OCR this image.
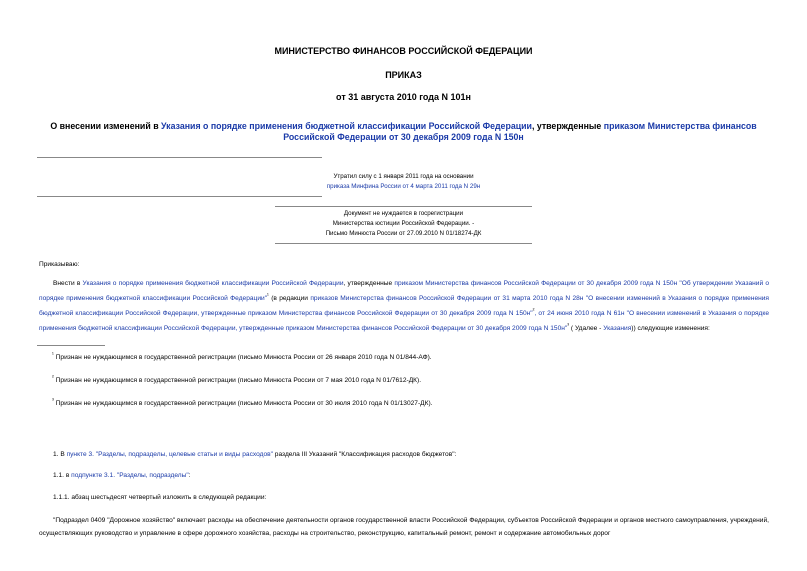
МИНИСТЕРСТВО ФИНАНСОВ РОССИЙСКОЙ ФЕДЕРАЦИИ
ПРИКАЗ
от 31 августа 2010 года N 101н
О внесении изменений в Указания о порядке применения бюджетной классификации Российской Федерации, утвержденные приказом Министерства финансов Российской Федерации от 30 декабря 2009 года N 150н
Утратил силу с 1 января 2011 года на основании
приказа Минфина России от 4 марта 2011 года N 29н
Документ не нуждается в госрегистрации
Министерства юстиции Российской Федерации. -
Письмо Минюста России от 27.09.2010 N 01/18274-ДК
Приказываю:
Внести в Указания о порядке применения бюджетной классификации Российской Федерации, утвержденные приказом Министерства финансов Российской Федерации от 30 декабря 2009 года N 150н "Об утверждении Указаний о порядке применения бюджетной классификации Российской Федерации"$^{^1}$ (в редакции приказов Министерства финансов Российской Федерации от 31 марта 2010 года N 28н "О внесении изменений в Указания о порядке применения бюджетной классификации Российской Федерации, утвержденные приказом Министерства финансов Российской Федерации от 30 декабря 2009 года N 150н"$^{^2}$, от 24 июня 2010 года N 61н "О внесении изменений в Указания о порядке применения бюджетной классификации Российской Федерации, утвержденные приказом Министерства финансов Российской Федерации от 30 декабря 2009 года N 150н"$^{^3}$ ( Удалее - Указания)) следующие изменения:
$^{^1}$ Признан не нуждающимся в государственной регистрации (письмо Минюста России от 26 января 2010 года N 01/844-АФ).
$^{^2}$ Признан не нуждающимся в государственной регистрации (письмо Минюста России от 7 мая 2010 года N 01/7612-ДК).
$^{^3}$ Признан не нуждающимся в государственной регистрации (письмо Минюста России от 30 июля 2010 года N 01/13027-ДК).
1. В пункте 3. "Разделы, подразделы, целевые статьи и виды расходов" раздела III Указаний "Классификация расходов бюджетов":
1.1. в подпункте 3.1. "Разделы, подразделы":
1.1.1. абзац шестьдесят четвертый изложить в следующей редакции:
"Подраздел 0409 "Дорожное хозяйство" включает расходы на обеспечение деятельности органов государственной власти Российской Федерации, субъектов Российской Федерации и органов местного самоуправления, учреждений, осуществляющих руководство и управление в сфере дорожного хозяйства, расходы на строительство, реконструкцию, капитальный ремонт, ремонт и содержание автомобильных дорог
